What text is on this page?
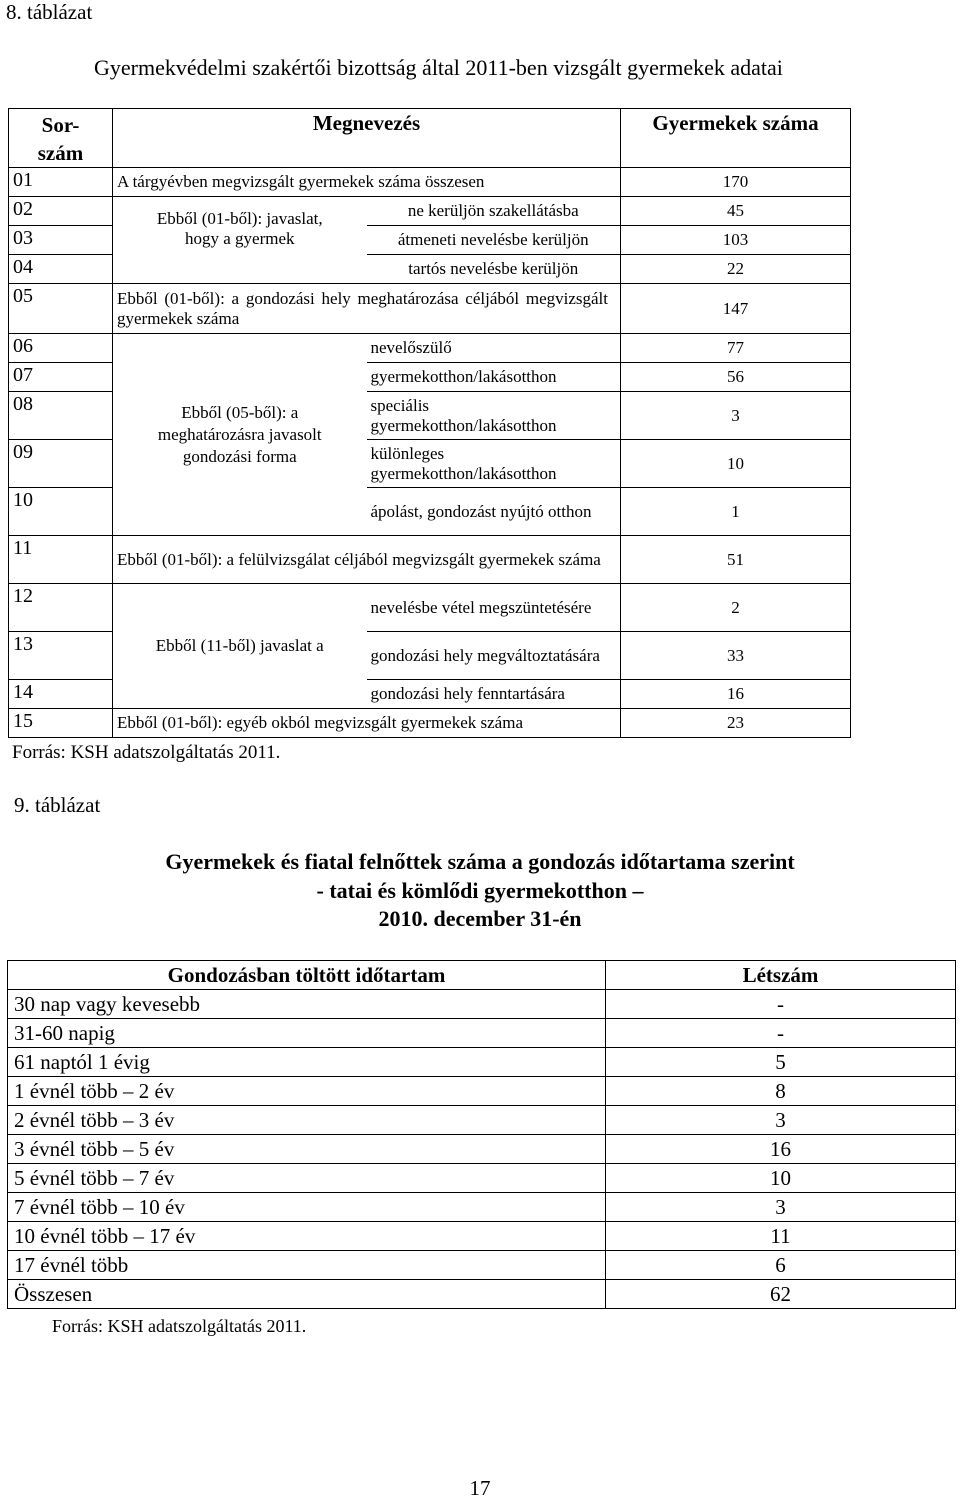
8. táblázat
Gyermekvédelmi szakértői bizottság által 2011-ben vizsgált gyermekek adatai
Sor-
szám	Megnevezés		Gyermekek száma
01	A tárgyévben megvizsgált gyermekek száma összesen		170
02	Ebből (01-ből): javaslat, hogy a gyermek	ne kerüljön szakellátásba	45
03		átmeneti nevelésbe kerüljön	103
04		tartós nevelésbe kerüljön	22
05	Ebből (01-ből): a gondozási hely meghatározása céljából megvizsgált gyermekek száma		147
06	Ebből (05-ből): a meghatározásra javasolt gondozási forma	nevelőszülő	77
07		gyermekotthon/lakásotthon	56
08		speciális gyermekotthon/lakásotthon	3
09		különleges gyermekotthon/lakásotthon	10
10		ápolást, gondozást nyújtó otthon	1
11	Ebből (01-ből): a felülvizsgálat céljából megvizsgált gyermekek száma		51
12	Ebből (11-ből) javaslat a	nevelésbe vétel megszüntetésére	2
13		gondozási hely megváltoztatására	33
14		gondozási hely fenntartására	16
15	Ebből (01-ből): egyéb okból megvizsgált gyermekek száma		23
Forrás: KSH adatszolgáltatás 2011.
9. táblázat
Gyermekek és fiatal felnőttek száma a gondozás időtartama szerint
- tatai és kömlődi gyermekotthon –
2010. december 31-én
Gondozásban töltött időtartam	Létszám
30 nap vagy kevesebb	-
31-60 napig	-
61 naptól 1 évig	5
1 évnél több – 2 év	8
2 évnél több – 3 év	3
3 évnél több – 5 év	16
5 évnél több – 7 év	10
7 évnél több – 10 év	3
10 évnél több – 17 év	11
17 évnél több	6
Összesen	62
Forrás: KSH adatszolgáltatás 2011.
17
